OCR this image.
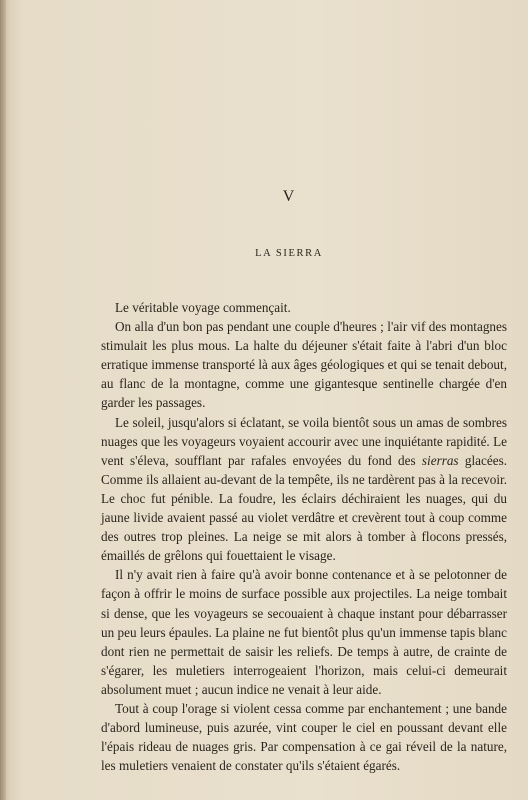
V
LA SIERRA

Le véritable voyage commençait.

On alla d'un bon pas pendant une couple d'heures ; l'air vif des montagnes stimulait les plus mous. La halte du déjeuner s'était faite à l'abri d'un bloc erratique immense transporté là aux âges géologiques et qui se tenait debout, au flanc de la montagne, comme une gigantesque sentinelle chargée d'en garder les passages.

Le soleil, jusqu'alors si éclatant, se voila bientôt sous un amas de sombres nuages que les voyageurs voyaient accourir avec une inquiétante rapidité. Le vent s'éleva, soufflant par rafales envoyées du fond des sierras glacées. Comme ils allaient au-devant de la tempête, ils ne tardèrent pas à la recevoir. Le choc fut pénible. La foudre, les éclairs déchiraient les nuages, qui du jaune livide avaient passé au violet verdâtre et crevèrent tout à coup comme des outres trop pleines. La neige se mit alors à tomber à flocons pressés, émaillés de grêlons qui fouettaient le visage.

Il n'y avait rien à faire qu'à avoir bonne contenance et à se pelotonner de façon à offrir le moins de surface possible aux projectiles. La neige tombait si dense, que les voyageurs se secouaient à chaque instant pour débarrasser un peu leurs épaules. La plaine ne fut bientôt plus qu'un immense tapis blanc dont rien ne permettait de saisir les reliefs. De temps à autre, de crainte de s'égarer, les muletiers interrogeaient l'horizon, mais celui-ci demeurait absolument muet ; aucun indice ne venait à leur aide.

Tout à coup l'orage si violent cessa comme par enchantement ; une bande d'abord lumineuse, puis azurée, vint couper le ciel en poussant devant elle l'épais rideau de nuages gris. Par compensation à ce gai réveil de la nature, les muletiers venaient de constater qu'ils s'étaient égarés.
